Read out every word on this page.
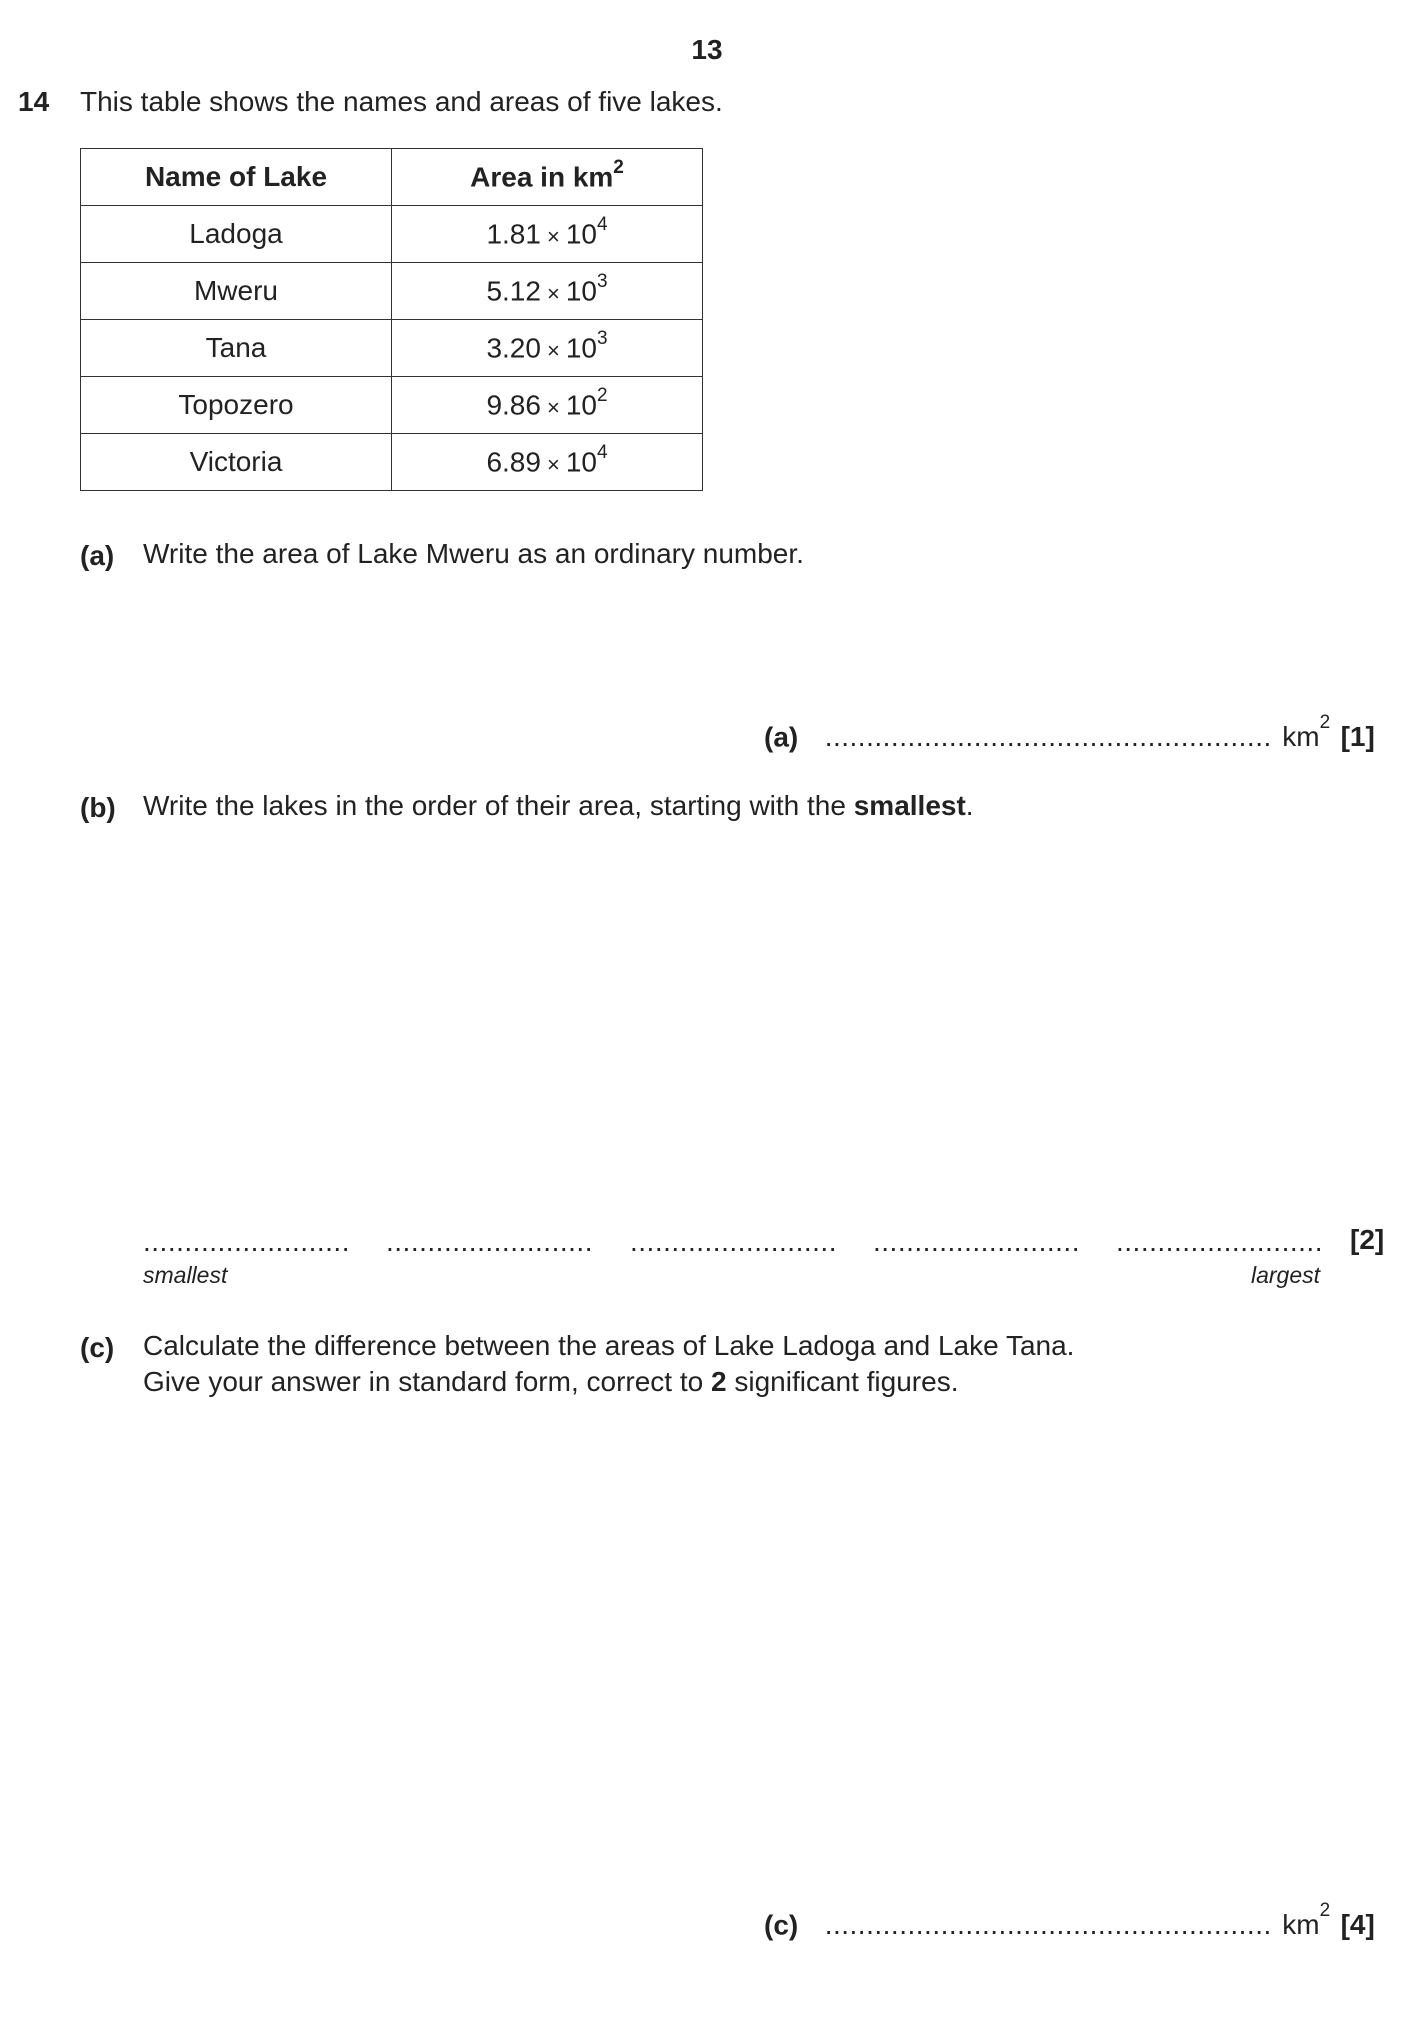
13
14 This table shows the names and areas of five lakes.
Name of Lake	Area in $km^2$
Ladoga	$1.81 \times 10^4$
Mweru	$5.12 \times 10^3$
Tana	$3.20 \times 10^3$
Topozero	$9.86 \times 10^2$
Victoria	$6.89 \times 10^4$
(a) Write the area of Lake Mweru as an ordinary number.
(a) ...................................................... $km^2$ [1]
(b) Write the lakes in the order of their area, starting with the smallest.
......................... ......................... ......................... ......................... ......................... [2]
smallest	largest
(c) Calculate the difference between the areas of Lake Ladoga and Lake Tana.
Give your answer in standard form, correct to 2 significant figures.
(c) ...................................................... $km^2$ [4]
